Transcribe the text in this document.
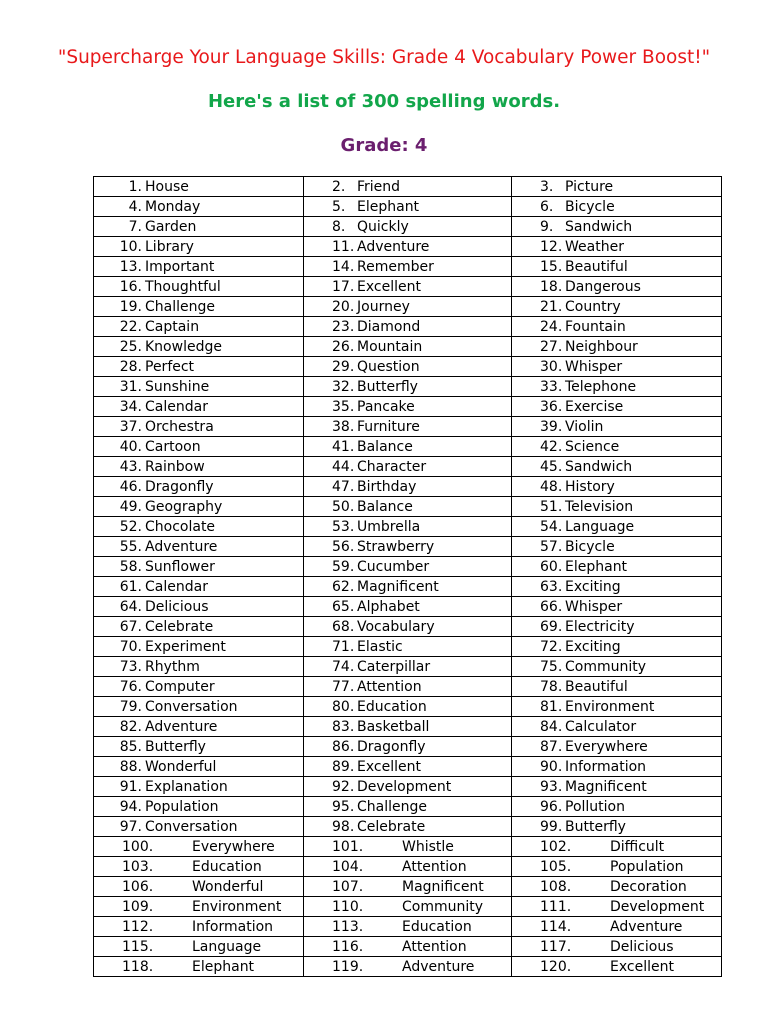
"Supercharge Your Language Skills: Grade 4 Vocabulary Power Boost!"
Here's a list of 300 spelling words.
Grade: 4
1. House	2. Friend	3. Picture
4. Monday	5. Elephant	6. Bicycle
7. Garden	8. Quickly	9. Sandwich
10. Library	11. Adventure	12. Weather
13. Important	14. Remember	15. Beautiful
16. Thoughtful	17. Excellent	18. Dangerous
19. Challenge	20. Journey	21. Country
22. Captain	23. Diamond	24. Fountain
25. Knowledge	26. Mountain	27. Neighbour
28. Perfect	29. Question	30. Whisper
31. Sunshine	32. Butterfly	33. Telephone
34. Calendar	35. Pancake	36. Exercise
37. Orchestra	38. Furniture	39. Violin
40. Cartoon	41. Balance	42. Science
43. Rainbow	44. Character	45. Sandwich
46. Dragonfly	47. Birthday	48. History
49. Geography	50. Balance	51. Television
52. Chocolate	53. Umbrella	54. Language
55. Adventure	56. Strawberry	57. Bicycle
58. Sunflower	59. Cucumber	60. Elephant
61. Calendar	62. Magnificent	63. Exciting
64. Delicious	65. Alphabet	66. Whisper
67. Celebrate	68. Vocabulary	69. Electricity
70. Experiment	71. Elastic	72. Exciting
73. Rhythm	74. Caterpillar	75. Community
76. Computer	77. Attention	78. Beautiful
79. Conversation	80. Education	81. Environment
82. Adventure	83. Basketball	84. Calculator
85. Butterfly	86. Dragonfly	87. Everywhere
88. Wonderful	89. Excellent	90. Information
91. Explanation	92. Development	93. Magnificent
94. Population	95. Challenge	96. Pollution
97. Conversation	98. Celebrate	99. Butterfly
100. Everywhere	101. Whistle	102. Difficult
103. Education	104. Attention	105. Population
106. Wonderful	107. Magnificent	108. Decoration
109. Environment	110. Community	111. Development
112. Information	113. Education	114. Adventure
115. Language	116. Attention	117. Delicious
118. Elephant	119. Adventure	120. Excellent
